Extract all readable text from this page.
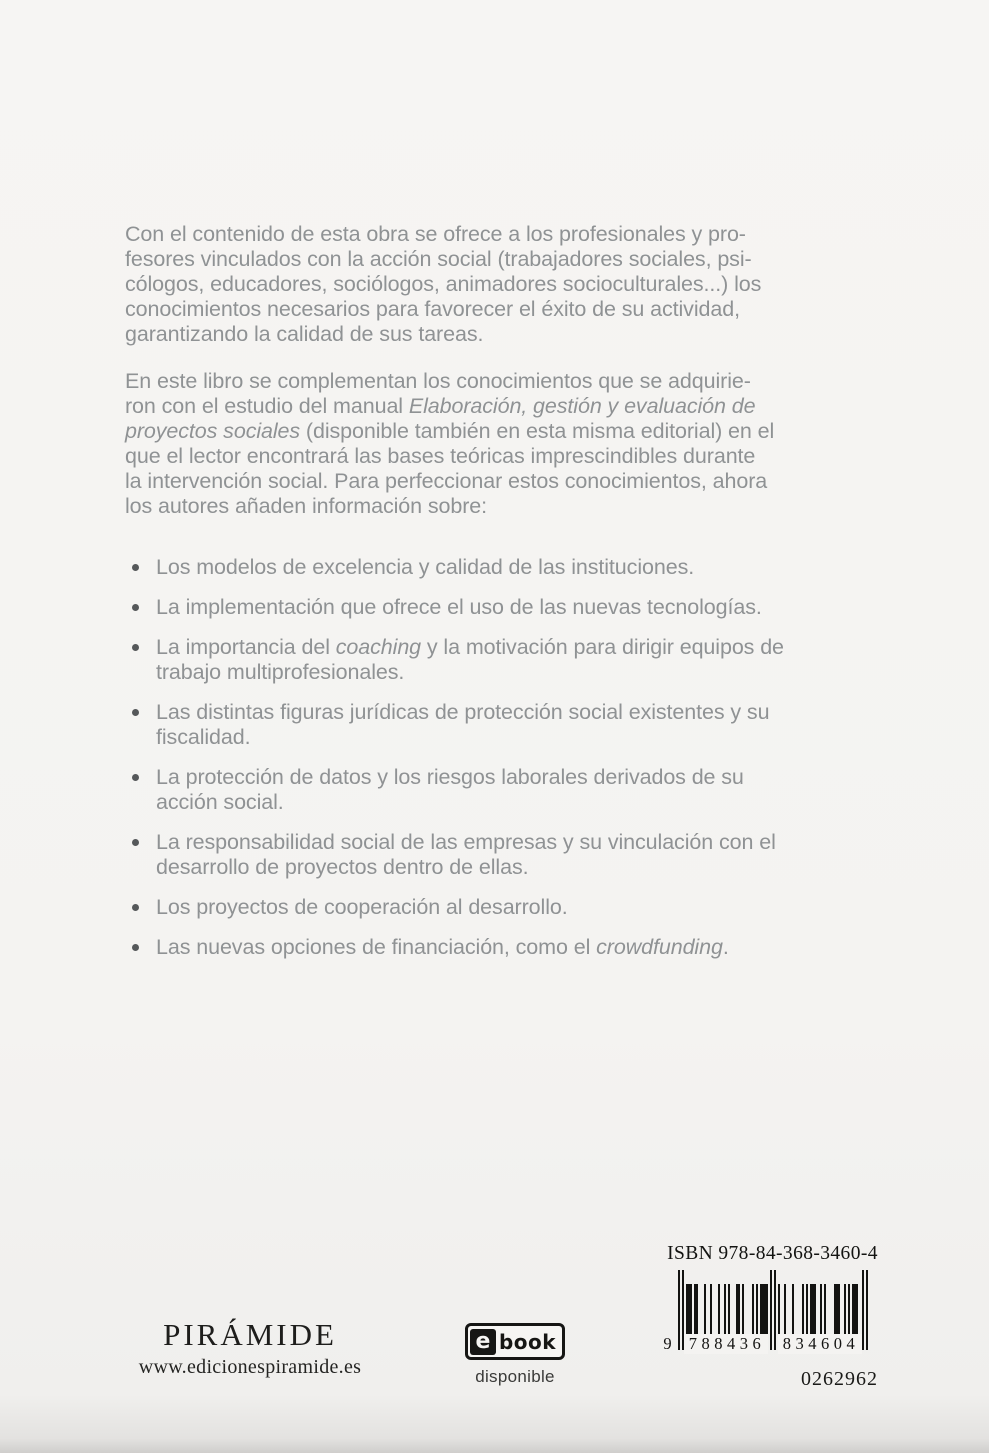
Con el contenido de esta obra se ofrece a los profesionales y pro-
fesores vinculados con la acción social (trabajadores sociales, psi-
cólogos, educadores, sociólogos, animadores socioculturales...) los
conocimientos necesarios para favorecer el éxito de su actividad,
garantizando la calidad de sus tareas.

En este libro se complementan los conocimientos que se adquirie-
ron con el estudio del manual Elaboración, gestión y evaluación de
proyectos sociales (disponible también en esta misma editorial) en el
que el lector encontrará las bases teóricas imprescindibles durante
la intervención social. Para perfeccionar estos conocimientos, ahora
los autores añaden información sobre:

Los modelos de excelencia y calidad de las instituciones.
La implementación que ofrece el uso de las nuevas tecnologías.
La importancia del coaching y la motivación para dirigir equipos de
trabajo multiprofesionales.
Las distintas figuras jurídicas de protección social existentes y su
fiscalidad.
La protección de datos y los riesgos laborales derivados de su
acción social.
La responsabilidad social de las empresas y su vinculación con el
desarrollo de proyectos dentro de ellas.
Los proyectos de cooperación al desarrollo.
Las nuevas opciones de financiación, como el crowdfunding.
PIRÁMIDE
www.edicionespiramide.es
e book
disponible
ISBN 978-84-368-3460-4
9	788436	834604
0262962
